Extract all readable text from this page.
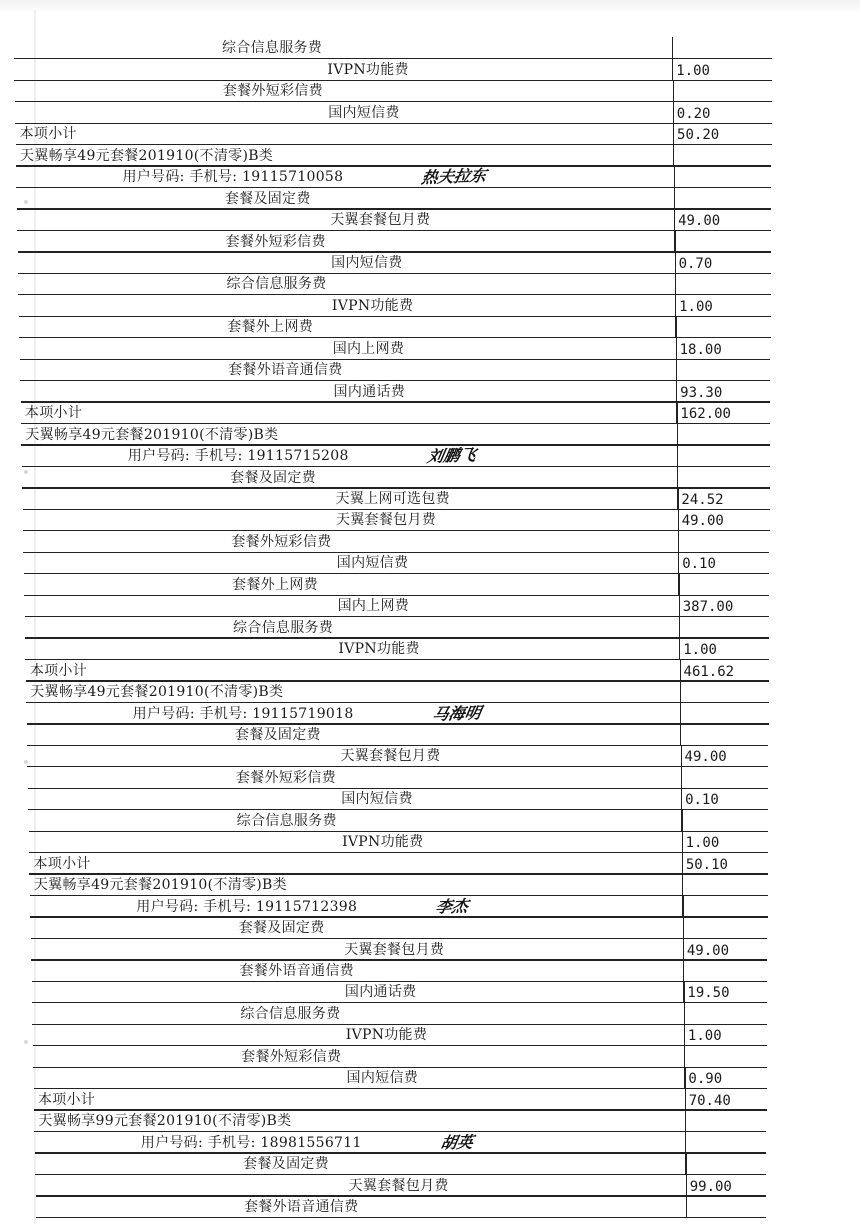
综合信息服务费
IVPN功能费	1.00
套餐外短彩信费
国内短信费	0.20
本项小计	50.20
天翼畅享49元套餐201910(不清零)B类
用户号码: 手机号: 19115710058	热夫拉东
套餐及固定费
天翼套餐包月费	49.00
套餐外短彩信费
国内短信费	0.70
综合信息服务费
IVPN功能费	1.00
套餐外上网费
国内上网费	18.00
套餐外语音通信费
国内通话费	93.30
本项小计	162.00
天翼畅享49元套餐201910(不清零)B类
用户号码: 手机号: 19115715208	刘鹏飞
套餐及固定费
天翼上网可选包费	24.52
天翼套餐包月费	49.00
套餐外短彩信费
国内短信费	0.10
套餐外上网费
国内上网费	387.00
综合信息服务费
IVPN功能费	1.00
本项小计	461.62
天翼畅享49元套餐201910(不清零)B类
用户号码: 手机号: 19115719018	马海明
套餐及固定费
天翼套餐包月费	49.00
套餐外短彩信费
国内短信费	0.10
综合信息服务费
IVPN功能费	1.00
本项小计	50.10
天翼畅享49元套餐201910(不清零)B类
用户号码: 手机号: 19115712398	李杰
套餐及固定费
天翼套餐包月费	49.00
套餐外语音通信费
国内通话费	19.50
综合信息服务费
IVPN功能费	1.00
套餐外短彩信费
国内短信费	0.90
本项小计	70.40
天翼畅享99元套餐201910(不清零)B类
用户号码: 手机号: 18981556711	胡英
套餐及固定费
天翼套餐包月费	99.00
套餐外语音通信费
